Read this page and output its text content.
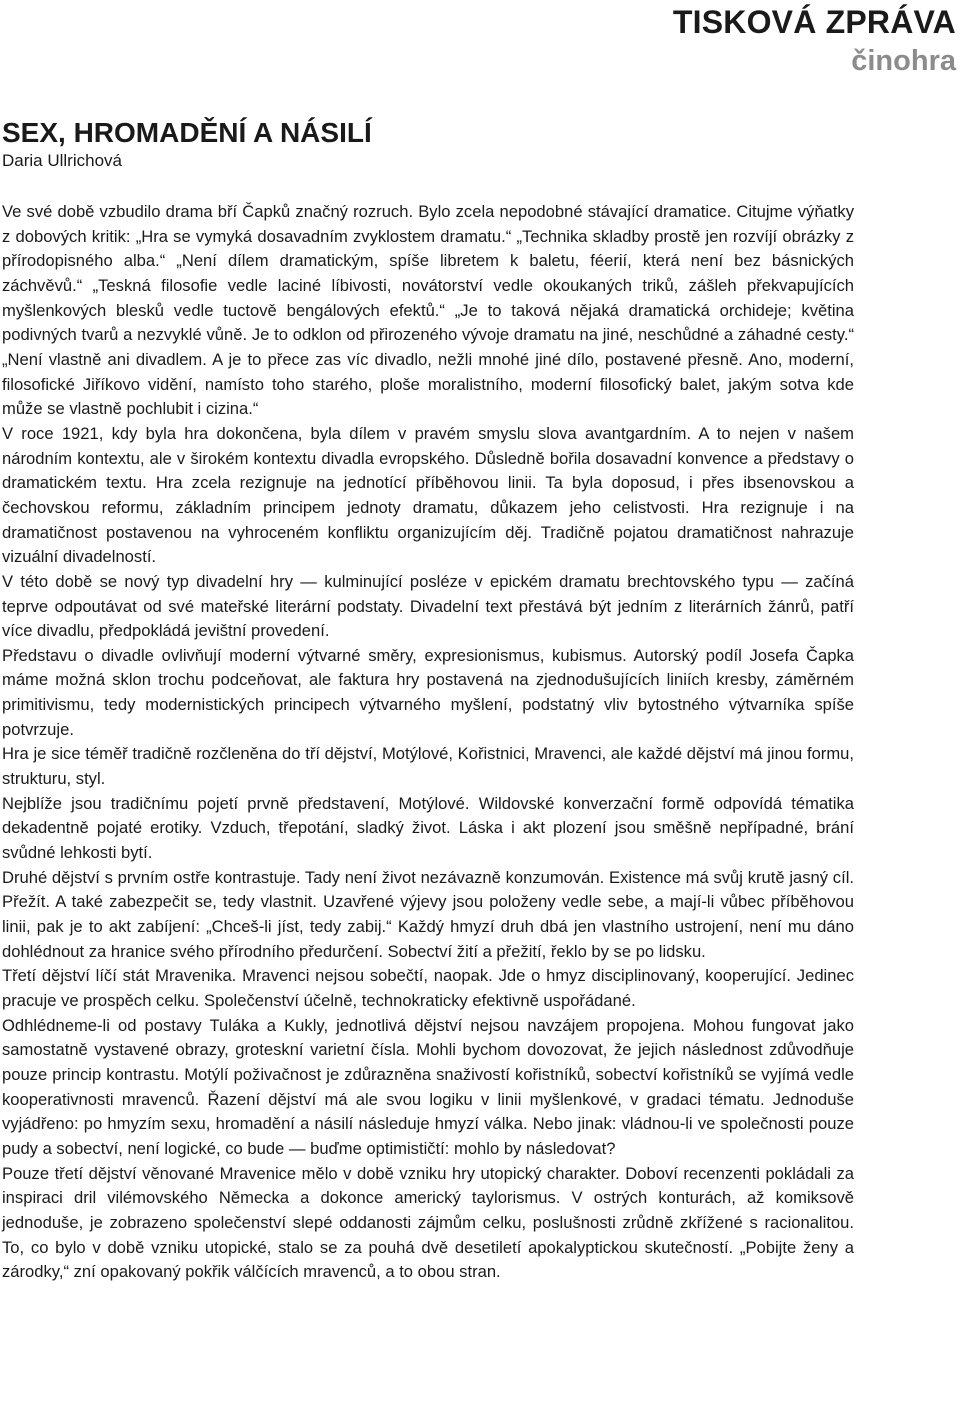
TISKOVÁ ZPRÁVA
činohra
SEX, HROMADĚNÍ A NÁSILÍ
Daria Ullrichová

Ve své době vzbudilo drama bří Čapků značný rozruch. Bylo zcela nepodobné stávající dramatice. Citujme výňatky z dobových kritik: „Hra se vymyká dosavadním zvyklostem dramatu.“ „Technika skladby prostě jen rozvíjí obrázky z přírodopisného alba.“ „Není dílem dramatickým, spíše libretem k baletu, féerií, která není bez básnických záchvěvů.“ „Teskná filosofie vedle laciné líbivosti, novátorství vedle okoukaných triků, zášleh překvapujících myšlenkových blesků vedle tuctově bengálových efektů.“ „Je to taková nějaká dramatická orchideje; květina podivných tvarů a nezvyklé vůně. Je to odklon od přirozeného vývoje dramatu na jiné, neschůdné a záhadné cesty.“ „Není vlastně ani divadlem. A je to přece zas víc divadlo, nežli mnohé jiné dílo, postavené přesně. Ano, moderní, filosofické Jiříkovo vidění, namísto toho starého, ploše moralistního, moderní filosofický balet, jakým sotva kde může se vlastně pochlubit i cizina.“

V roce 1921, kdy byla hra dokončena, byla dílem v pravém smyslu slova avantgardním. A to nejen v našem národním kontextu, ale v širokém kontextu divadla evropského. Důsledně bořila dosavadní konvence a představy o dramatickém textu. Hra zcela rezignuje na jednotící příběhovou linii. Ta byla doposud, i přes ibsenovskou a čechovskou reformu, základním principem jednoty dramatu, důkazem jeho celistvosti. Hra rezignuje i na dramatičnost postavenou na vyhroceném konfliktu organizujícím děj. Tradičně pojatou dramatičnost nahrazuje vizuální divadelností.

V této době se nový typ divadelní hry — kulminující posléze v epickém dramatu brechtovského typu — začíná teprve odpoutávat od své mateřské literární podstaty. Divadelní text přestává být jedním z literárních žánrů, patří více divadlu, předpokládá jevištní provedení.

Představu o divadle ovlivňují moderní výtvarné směry, expresionismus, kubismus. Autorský podíl Josefa Čapka máme možná sklon trochu podceňovat, ale faktura hry postavená na zjednodušujících liniích kresby, záměrném primitivismu, tedy modernistických principech výtvarného myšlení, podstatný vliv bytostného výtvarníka spíše potvrzuje.

Hra je sice téměř tradičně rozčleněna do tří dějství, Motýlové, Kořistnici, Mravenci, ale každé dějství má jinou formu, strukturu, styl.

Nejblíže jsou tradičnímu pojetí prvně představení, Motýlové. Wildovské konverzační formě odpovídá tématika dekadentně pojaté erotiky. Vzduch, třepotání, sladký život. Láska i akt plození jsou směšně nepřípadné, brání svůdné lehkosti bytí.

Druhé dějství s prvním ostře kontrastuje. Tady není život nezávazně konzumován. Existence má svůj krutě jasný cíl. Přežít. A také zabezpečit se, tedy vlastnit. Uzavřené výjevy jsou položeny vedle sebe, a mají-li vůbec příběhovou linii, pak je to akt zabíjení: „Chceš-li jíst, tedy zabij.“ Každý hmyzí druh dbá jen vlastního ustrojení, není mu dáno dohlédnout za hranice svého přírodního předurčení. Sobectví žití a přežití, řeklo by se po lidsku.

Třetí dějství líčí stát Mravenika. Mravenci nejsou sobečtí, naopak. Jde o hmyz disciplinovaný, kooperující. Jedinec pracuje ve prospěch celku. Společenství účelně, technokraticky efektivně uspořádané.

Odhlédneme-li od postavy Tuláka a Kukly, jednotlivá dějství nejsou navzájem propojena. Mohou fungovat jako samostatně vystavené obrazy, groteskní varietní čísla. Mohli bychom dovozovat, že jejich následnost zdůvodňuje pouze princip kontrastu. Motýlí poživačnost je zdůrazněna snaživostí kořistníků, sobectví kořistníků se vyjímá vedle kooperativnosti mravenců. Řazení dějství má ale svou logiku v linii myšlenkové, v gradaci tématu. Jednoduše vyjádřeno: po hmyzím sexu, hromadění a násilí následuje hmyzí válka. Nebo jinak: vládnou-li ve společnosti pouze pudy a sobectví, není logické, co bude — buďme optimističtí: mohlo by následovat?

Pouze třetí dějství věnované Mravenice mělo v době vzniku hry utopický charakter. Doboví recenzenti pokládali za inspiraci dril vilémovského Německa a dokonce americký taylorismus. V ostrých konturách, až komiksově jednoduše, je zobrazeno společenství slepé oddanosti zájmům celku, poslušnosti zrůdně zkřížené s racionalitou. To, co bylo v době vzniku utopické, stalo se za pouhá dvě desetiletí apokalyptickou skutečností. „Pobijte ženy a zárodky,“ zní opakovaný pokřik válčících mravenců, a to obou stran.
